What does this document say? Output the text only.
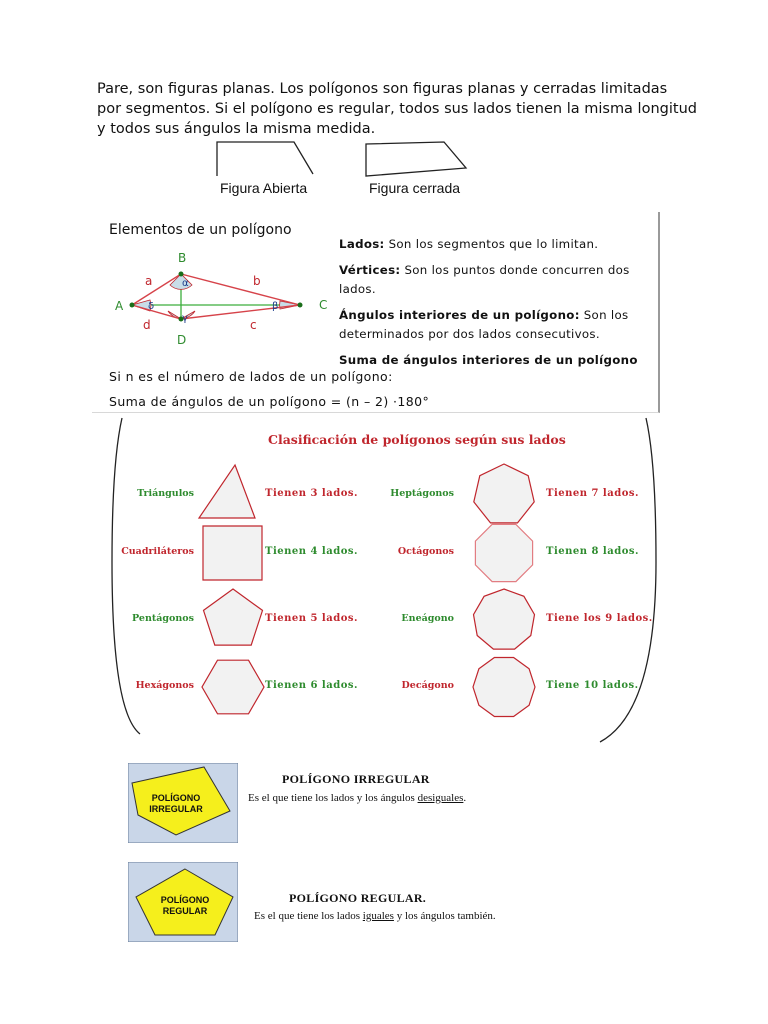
Pare, son figuras planas. Los polígonos son figuras planas y cerradas limitadas
por segmentos. Si el polígono es regular, todos sus lados tienen la misma longitud
y todos sus ángulos la misma medida.

Figura Abierta	Figura cerrada
Elementos de un polígono
B
A	C
D
a	b
c
d
α
β
γ
δ
Lados: Son los segmentos que lo limitan.
Vértices: Son los puntos donde concurren dos
lados.
Ángulos interiores de un polígono: Son los
determinados por dos lados consecutivos.
Suma de ángulos interiores de un polígono
Si n es el número de lados de un polígono:
Suma de ángulos de un polígono = (n – 2) ·180°
Clasificación de polígonos según sus lados
Triángulos	Tienen 3 lados.
Cuadriláteros	Tienen 4 lados.
Pentágonos	Tienen 5 lados.
Hexágonos	Tienen 6 lados.
Heptágonos	Tienen 7 lados.
Octágonos	Tienen 8 lados.
Eneágono	Tiene los 9 lados.
Decágono	Tiene 10 lados.
POLÍGONO
IRREGULAR
POLÍGONO IRREGULAR
Es el que tiene los lados y los ángulos desiguales.
POLÍGONO
REGULAR
POLÍGONO REGULAR.
Es el que tiene los lados iguales y los ángulos también.
